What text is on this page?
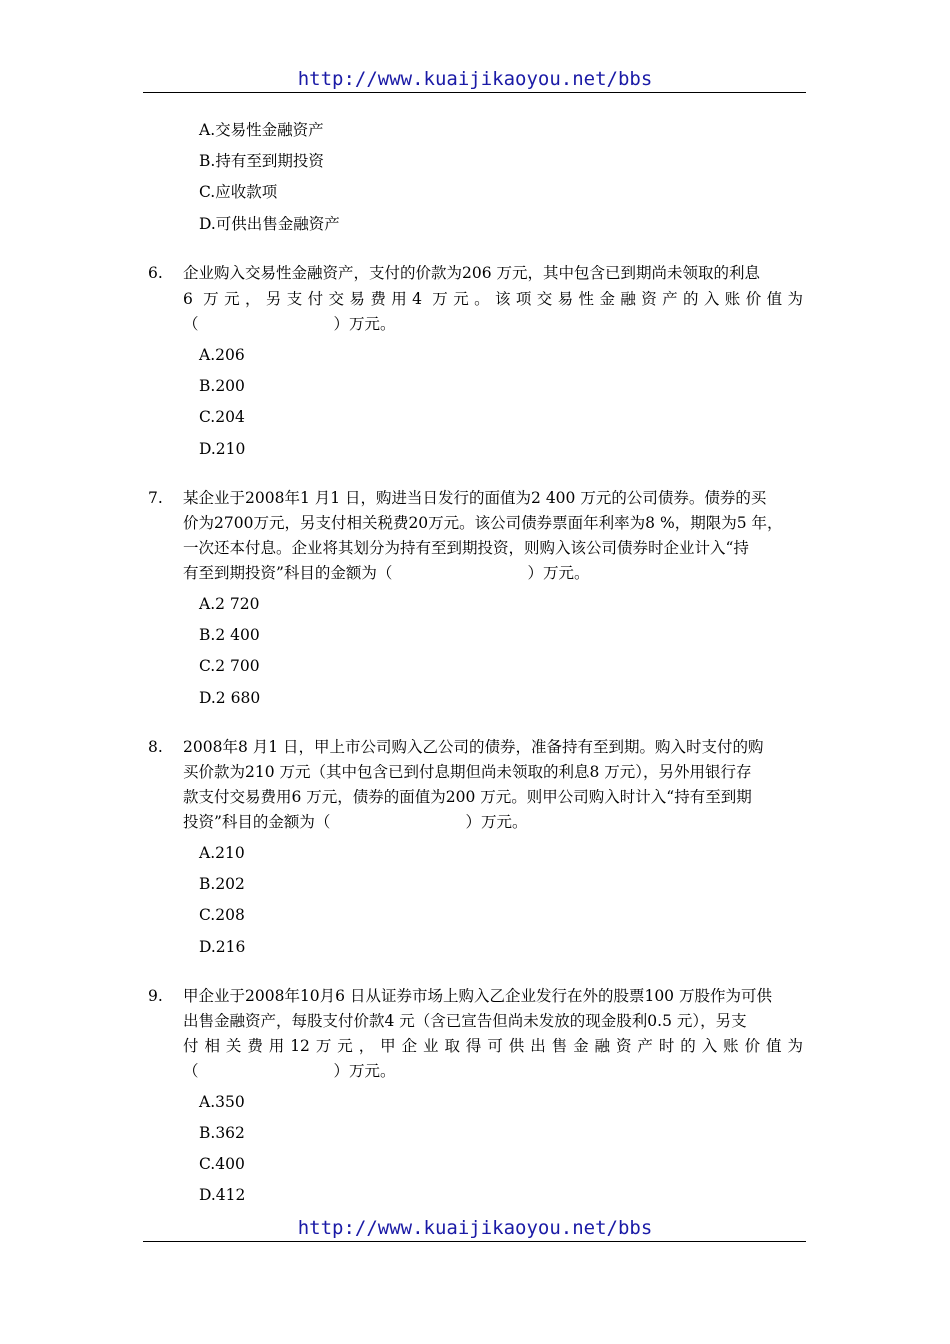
http://www.kuaijikaoyou.net/bbs
A.交易性金融资产
B.持有至到期投资
C.应收款项
D.可供出售金融资产
6. 企业购入交易性金融资产，支付的价款为206 万元，其中包含已到期尚未领取的利息
6 万元，另支付交易费用4 万元。该项交易性金融资产的入账价值为
（	）万元。
A.206
B.200
C.204
D.210
7. 某企业于2008年1 月1 日，购进当日发行的面值为2 400 万元的公司债券。债券的买
价为2700万元，另支付相关税费20万元。该公司债券票面年利率为8 %，期限为5 年，
一次还本付息。企业将其划分为持有至到期投资，则购入该公司债券时企业计入“持
有至到期投资”科目的金额为（	）万元。
A.2 720
B.2 400
C.2 700
D.2 680
8. 2008年8 月1 日，甲上市公司购入乙公司的债券，准备持有至到期。购入时支付的购
买价款为210 万元（其中包含已到付息期但尚未领取的利息8 万元），另外用银行存
款支付交易费用6 万元，债券的面值为200 万元。则甲公司购入时计入“持有至到期
投资”科目的金额为（	）万元。
A.210
B.202
C.208
D.216
9. 甲企业于2008年10月6 日从证券市场上购入乙企业发行在外的股票100 万股作为可供
出售金融资产，每股支付价款4 元（含已宣告但尚未发放的现金股利0.5 元），另支
付相关费用12万元，甲企业取得可供出售金融资产时的入账价值为
（	）万元。
A.350
B.362
C.400
D.412
http://www.kuaijikaoyou.net/bbs
